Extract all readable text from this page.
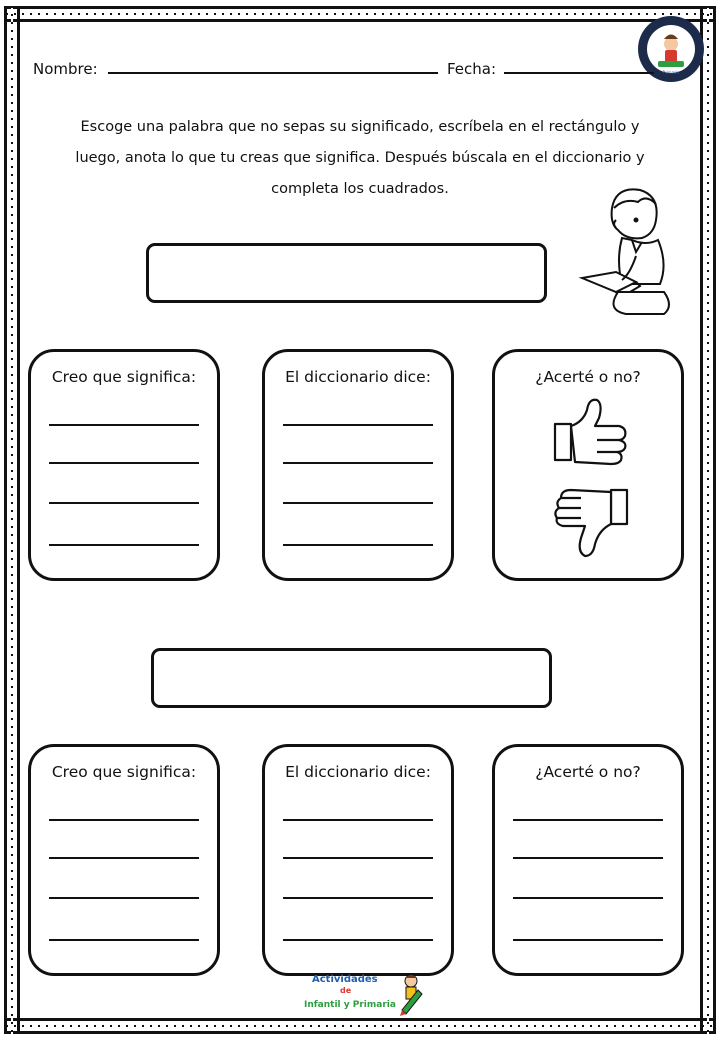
Primaria
Nombre:	Fecha:
Escoge una palabra que no sepas su significado, escríbela en el rectángulo y
luego, anota lo que tu creas que significa. Después búscala en el diccionario y
completa los cuadrados.
Creo que significa:	El diccionario dice:	¿Acerté o no?
Creo que significa:	El diccionario dice:	¿Acerté o no?
Actividades
de
Infantil y Primaria
